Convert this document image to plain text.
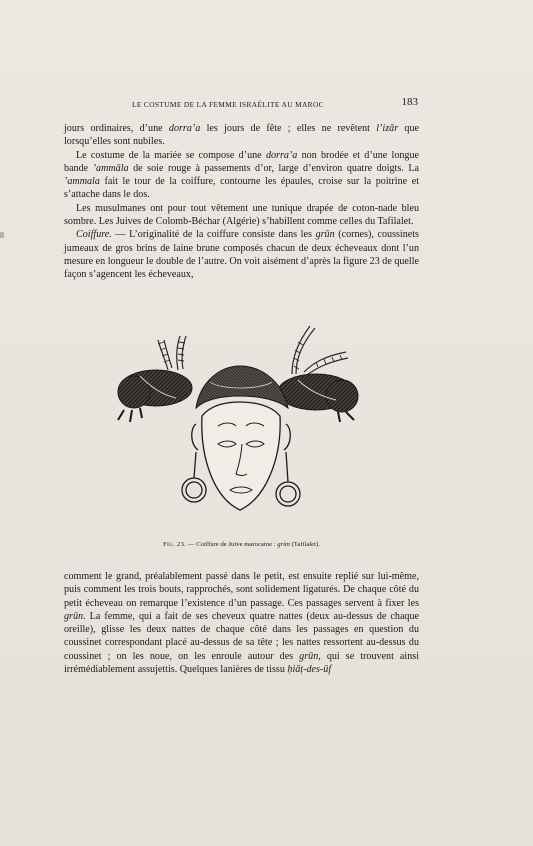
LE COSTUME DE LA FEMME ISRAÉLITE AU MAROC	183

jours ordinaires, d’une dorra’a les jours de fête ; elles ne revêtent l’izār que lorsqu’elles sont nubiles.

Le costume de la mariée se compose d’une dorra’a non brodée et d’une longue bande ’ammāla de soie rouge à passements d’or, large d’environ quatre doigts. La ’ammala fait le tour de la coiffure, contourne les épaules, croise sur la poitrine et s’attache dans le dos.

Les musulmanes ont pour tout vêtement une tunique drapée de coton-nade bleu sombre. Les Juives de Colomb-Béchar (Algérie) s’habillent comme celles du Tafilalet.

Coiffure. — L’originalité de la coiffure consiste dans les grūn (cornes), coussinets jumeaux de gros brins de laine brune composés chacun de deux écheveaux dont l’un mesure en longueur le double de l’autre. On voit aisément d’après la figure 23 de quelle façon s’agencent les écheveaux,

Fig. 23. — Coiffure de Juive marocaine : grūn (Tafilalet).

comment le grand, préalablement passé dans le petit, est ensuite replié sur lui-même, puis comment les trois bouts, rapprochés, sont solidement ligaturés. De chaque côté du petit écheveau on remarque l’existence d’un passage. Ces passages servent à fixer les grūn. La femme, qui a fait de ses cheveux quatre nattes (deux au-dessus de chaque oreille), glisse les deux nattes de chaque côté dans les passages en question du coussinet correspondant placé au-dessus de sa tête ; les nattes ressortent au-dessus du coussinet ; on les noue, on les enroule autour des grūn, qui se trouvent ainsi irrémédiablement assujettis. Quelques lanières de tissu ḥiāṭ-des-ūf
